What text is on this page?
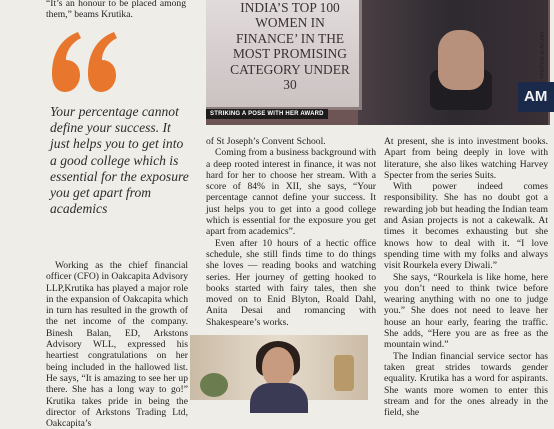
“It’s an honour to be placed among them,” beams Krutika.
Your percentage cannot define your success. It just helps you to get into a good college which is essential for the exposure you get apart from academics

Working as the chief financial officer (CFO) in Oakcapita Advisory LLP,Krutika has played a major role in the expansion of Oakcapita which in turn has resulted in the growth of the net income of the company. Binesh Balan, ED, Arkstons Advisory WLL, expressed his heartiest congratulations on her being included in the hallowed list. He says, “It is amazing to see her up there. She has a long way to go!” Krutika takes pride in being the director of Arkstons Trading Ltd, Oakcapita’s

AM
INDIA’S TOP 100 WOMEN IN FINANCE’ IN THE MOST PROMISING CATEGORY UNDER 30
STRIKING A POSE WITH HER AWARD
PHOTOS: M AYUSH

of St Joseph’s Convent School.

Coming from a business background with a deep rooted interest in finance, it was not hard for her to choose her stream. With a score of 84% in XII, she says, “Your percentage cannot define your success. It just helps you to get into a good college which is essential for the exposure you get apart from academics”.

Even after 10 hours of a hectic office schedule, she still finds time to do things she loves — reading books and watching series. Her journey of getting hooked to books started with fairy tales, then she moved on to Enid Blyton, Roald Dahl, Anita Desai and romancing with Shakespeare’s works.

At present, she is into investment books. Apart from being deeply in love with literature, she also likes watching Harvey Specter from the series Suits.

With power indeed comes responsibility. She has no doubt got a rewarding job but heading the Indian team and Asian projects is not a cakewalk. At times it becomes exhausting but she knows how to deal with it. “I love spending time with my folks and always visit Rourkela every Diwali.”

She says, “Rourkela is like home, here you don’t need to think twice before wearing anything with no one to judge you.” She does not need to leave her house an hour early, fearing the traffic. She adds, “Here you are as free as the mountain wind.”

The Indian financial service sector has taken great strides towards gender equality. Krutika has a word for aspirants. She wants more women to enter this stream and for the ones already in the field, she
